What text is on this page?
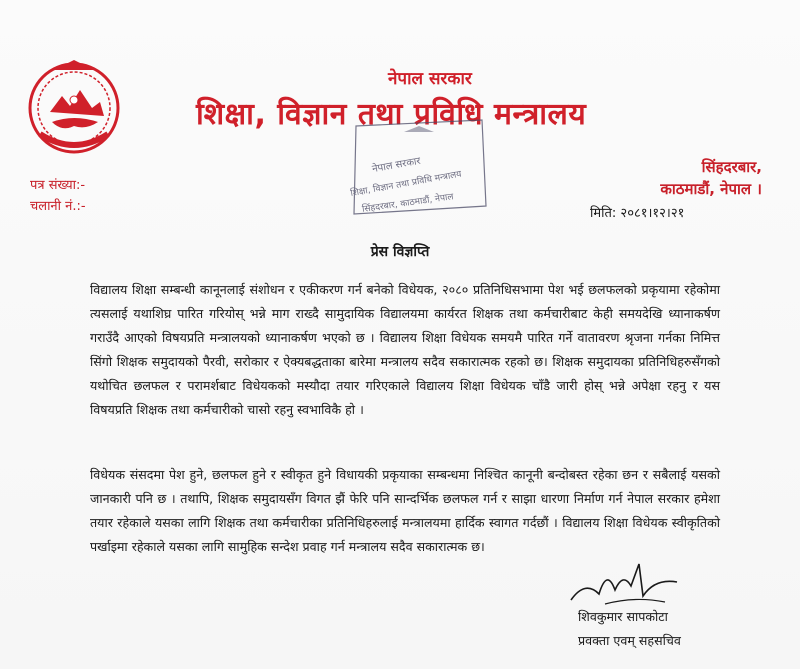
नेपाल सरकार
शिक्षा, विज्ञान तथा प्रविधि मन्त्रालय
नेपाल सरकार
शिक्षा, विज्ञान तथा प्रविधि मन्त्रालय
सिंहदरबार, काठमाडौं, नेपाल
पत्र संख्या:-
चलानी नं.:-
सिंहदरबार,
काठमाडौं, नेपाल ।
मिति: २०८१।१२।२१
प्रेस विज्ञप्ति

विद्यालय शिक्षा सम्बन्धी कानूनलाई संशोधन र एकीकरण गर्न बनेको विधेयक, २०८० प्रतिनिधिसभामा पेश भई छलफलको प्रकृयामा रहेकोमा त्यसलाई यथाशिघ्र पारित गरियोस् भन्ने माग राख्दै सामुदायिक विद्यालयमा कार्यरत शिक्षक तथा कर्मचारीबाट केही समयदेखि ध्यानाकर्षण गराउँदै आएको विषयप्रति मन्त्रालयको ध्यानाकर्षण भएको छ । विद्यालय शिक्षा विधेयक समयमै पारित गर्ने वातावरण श्रृजना गर्नका निमित्त सिंगो शिक्षक समुदायको पैरवी, सरोकार र ऐक्यबद्धताका बारेमा मन्त्रालय सदैव सकारात्मक रहको छ। शिक्षक समुदायका प्रतिनिधिहरुसँगको यथोचित छलफल र परामर्शबाट विधेयकको मस्यौदा तयार गरिएकाले विद्यालय शिक्षा विधेयक चाँडै जारी होस् भन्ने अपेक्षा रहनु र यस विषयप्रति शिक्षक तथा कर्मचारीको चासो रहनु स्वभाविकै हो ।

विधेयक संसदमा पेश हुने, छलफल हुने र स्वीकृत हुने विधायकी प्रकृयाका सम्बन्धमा निश्चित कानूनी बन्दोबस्त रहेका छन र सबैलाई यसको जानकारी पनि छ । तथापि, शिक्षक समुदायसँग विगत झैं फेरि पनि सान्दर्भिक छलफल गर्न र साझा धारणा निर्माण गर्न नेपाल सरकार हमेशा तयार रहेकाले यसका लागि शिक्षक तथा कर्मचारीका प्रतिनिधिहरुलाई मन्त्रालयमा हार्दिक स्वागत गर्दछौं । विद्यालय शिक्षा विधेयक स्वीकृतिको पर्खाइमा रहेकाले यसका लागि सामुहिक सन्देश प्रवाह गर्न मन्त्रालय सदैव सकारात्मक छ।

शिवकुमार सापकोटा
प्रवक्ता एवम् सहसचिव
